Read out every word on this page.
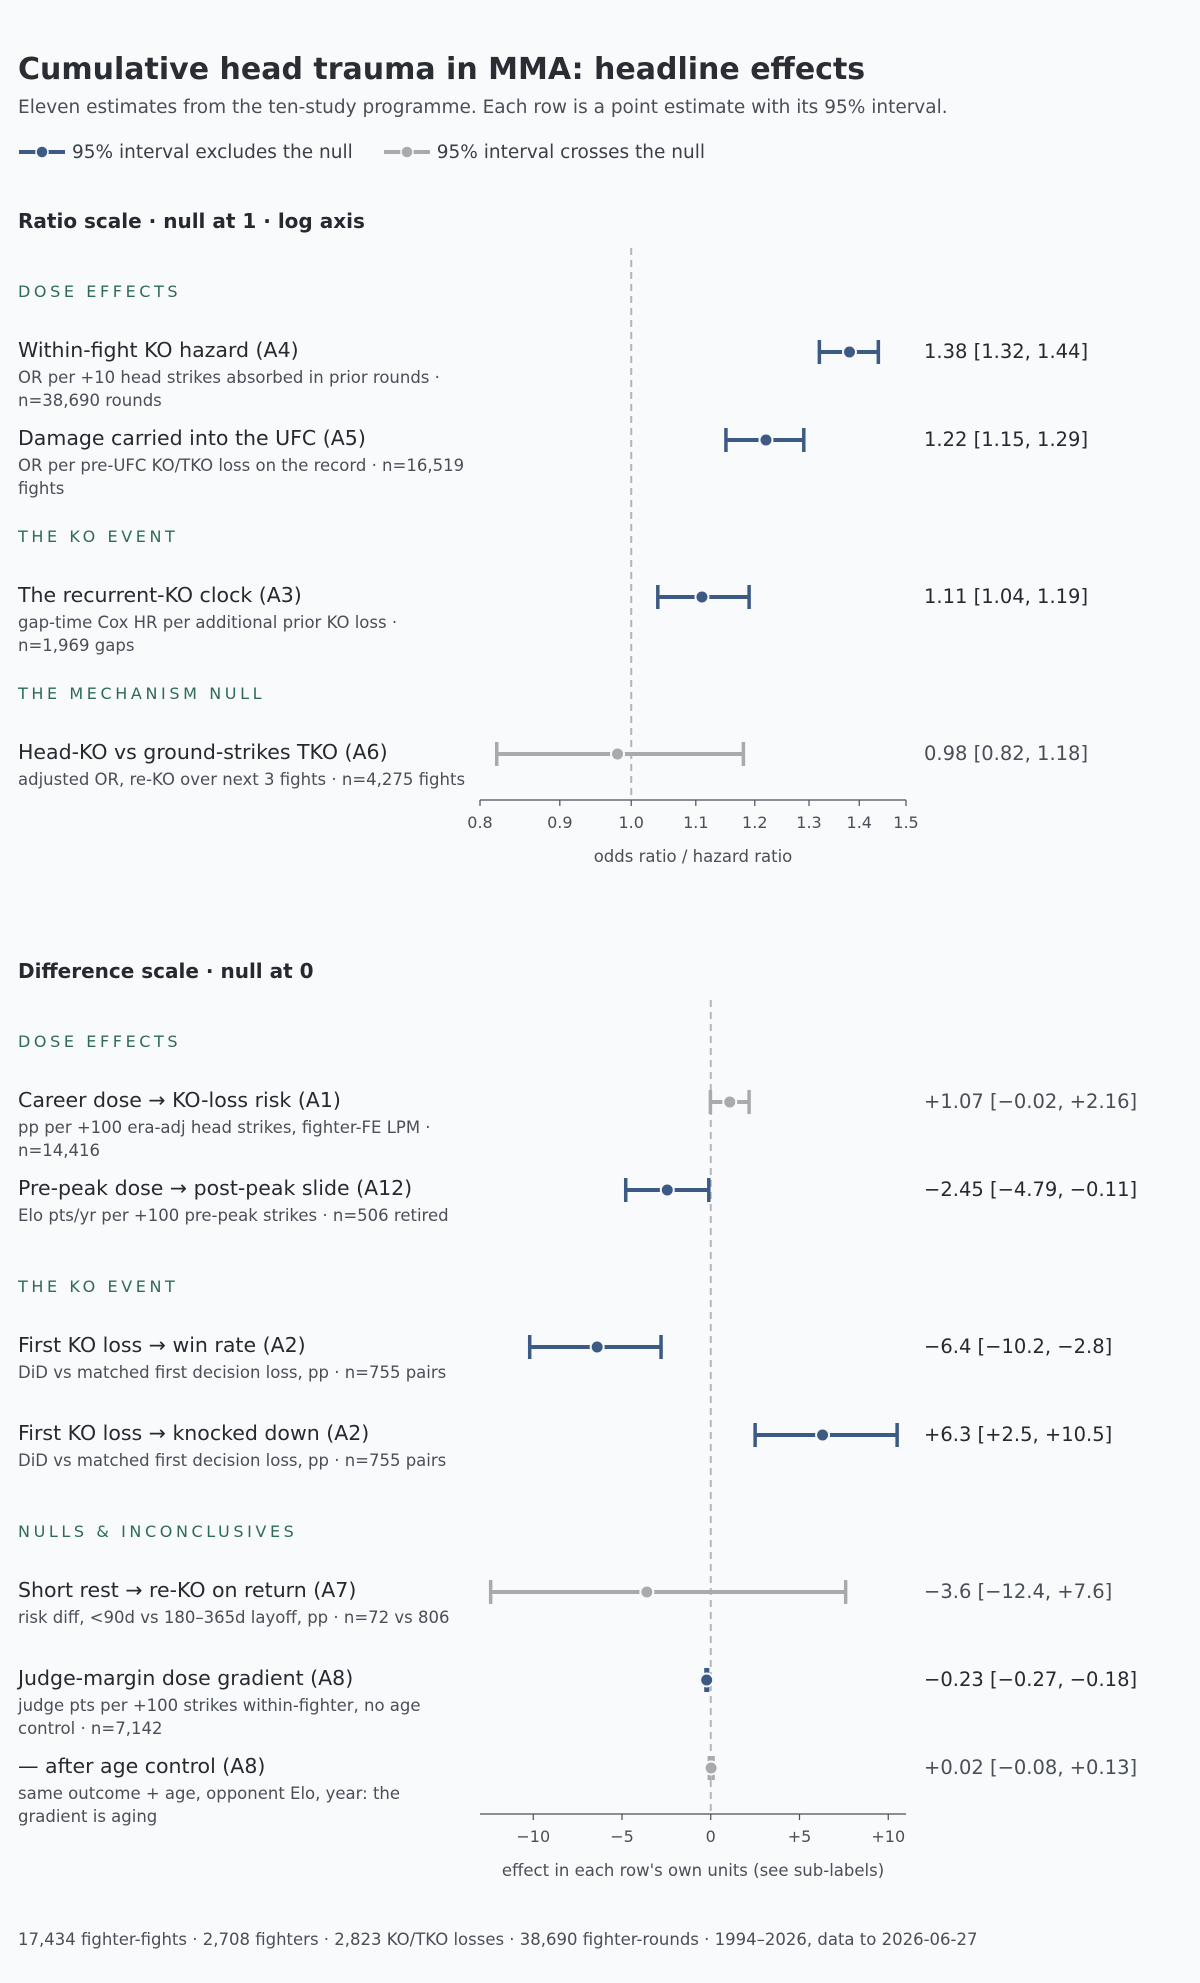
Cumulative head trauma in MMA: headline effects
Eleven estimates from the ten-study programme. Each row is a point estimate with its 95% interval.
95% interval excludes the null	95% interval crosses the null
Ratio scale · null at 1 · log axis
Difference scale · null at 0
17,434 fighter-fights · 2,708 fighters · 2,823 KO/TKO losses · 38,690 fighter-rounds · 1994–2026, data to 2026-06-27
DOSE EFFECTS
Within-fight KO hazard (A4)
OR per +10 head strikes absorbed in prior rounds · n=38,690 rounds
1.38 [1.32, 1.44]
Damage carried into the UFC (A5)
OR per pre-UFC KO/TKO loss on the record · n=16,519 fights
1.22 [1.15, 1.29]
THE KO EVENT
The recurrent-KO clock (A3)
gap-time Cox HR per additional prior KO loss · n=1,969 gaps
1.11 [1.04, 1.19]
THE MECHANISM NULL
Head-KO vs ground-strikes TKO (A6)
adjusted OR, re-KO over next 3 fights · n=4,275 fights
0.98 [0.82, 1.18]
DOSE EFFECTS
Career dose → KO-loss risk (A1)
pp per +100 era-adj head strikes, fighter-FE LPM · n=14,416
+1.07 [−0.02, +2.16]
Pre-peak dose → post-peak slide (A12)
Elo pts/yr per +100 pre-peak strikes · n=506 retired
−2.45 [−4.79, −0.11]
THE KO EVENT
First KO loss → win rate (A2)
DiD vs matched first decision loss, pp · n=755 pairs
−6.4 [−10.2, −2.8]
First KO loss → knocked down (A2)
DiD vs matched first decision loss, pp · n=755 pairs
+6.3 [+2.5, +10.5]
NULLS & INCONCLUSIVES
Short rest → re-KO on return (A7)
risk diff, <90d vs 180–365d layoff, pp · n=72 vs 806
−3.6 [−12.4, +7.6]
Judge-margin dose gradient (A8)
judge pts per +100 strikes within-fighter, no age control · n=7,142
−0.23 [−0.27, −0.18]
— after age control (A8)
same outcome + age, opponent Elo, year: the gradient is aging
+0.02 [−0.08, +0.13]
0.8	0.9	1.0 1.1 1.2 1.3 1.4 1.5
odds ratio / hazard ratio
−10	−5	0	+5	+10
effect in each row's own units (see sub-labels)
